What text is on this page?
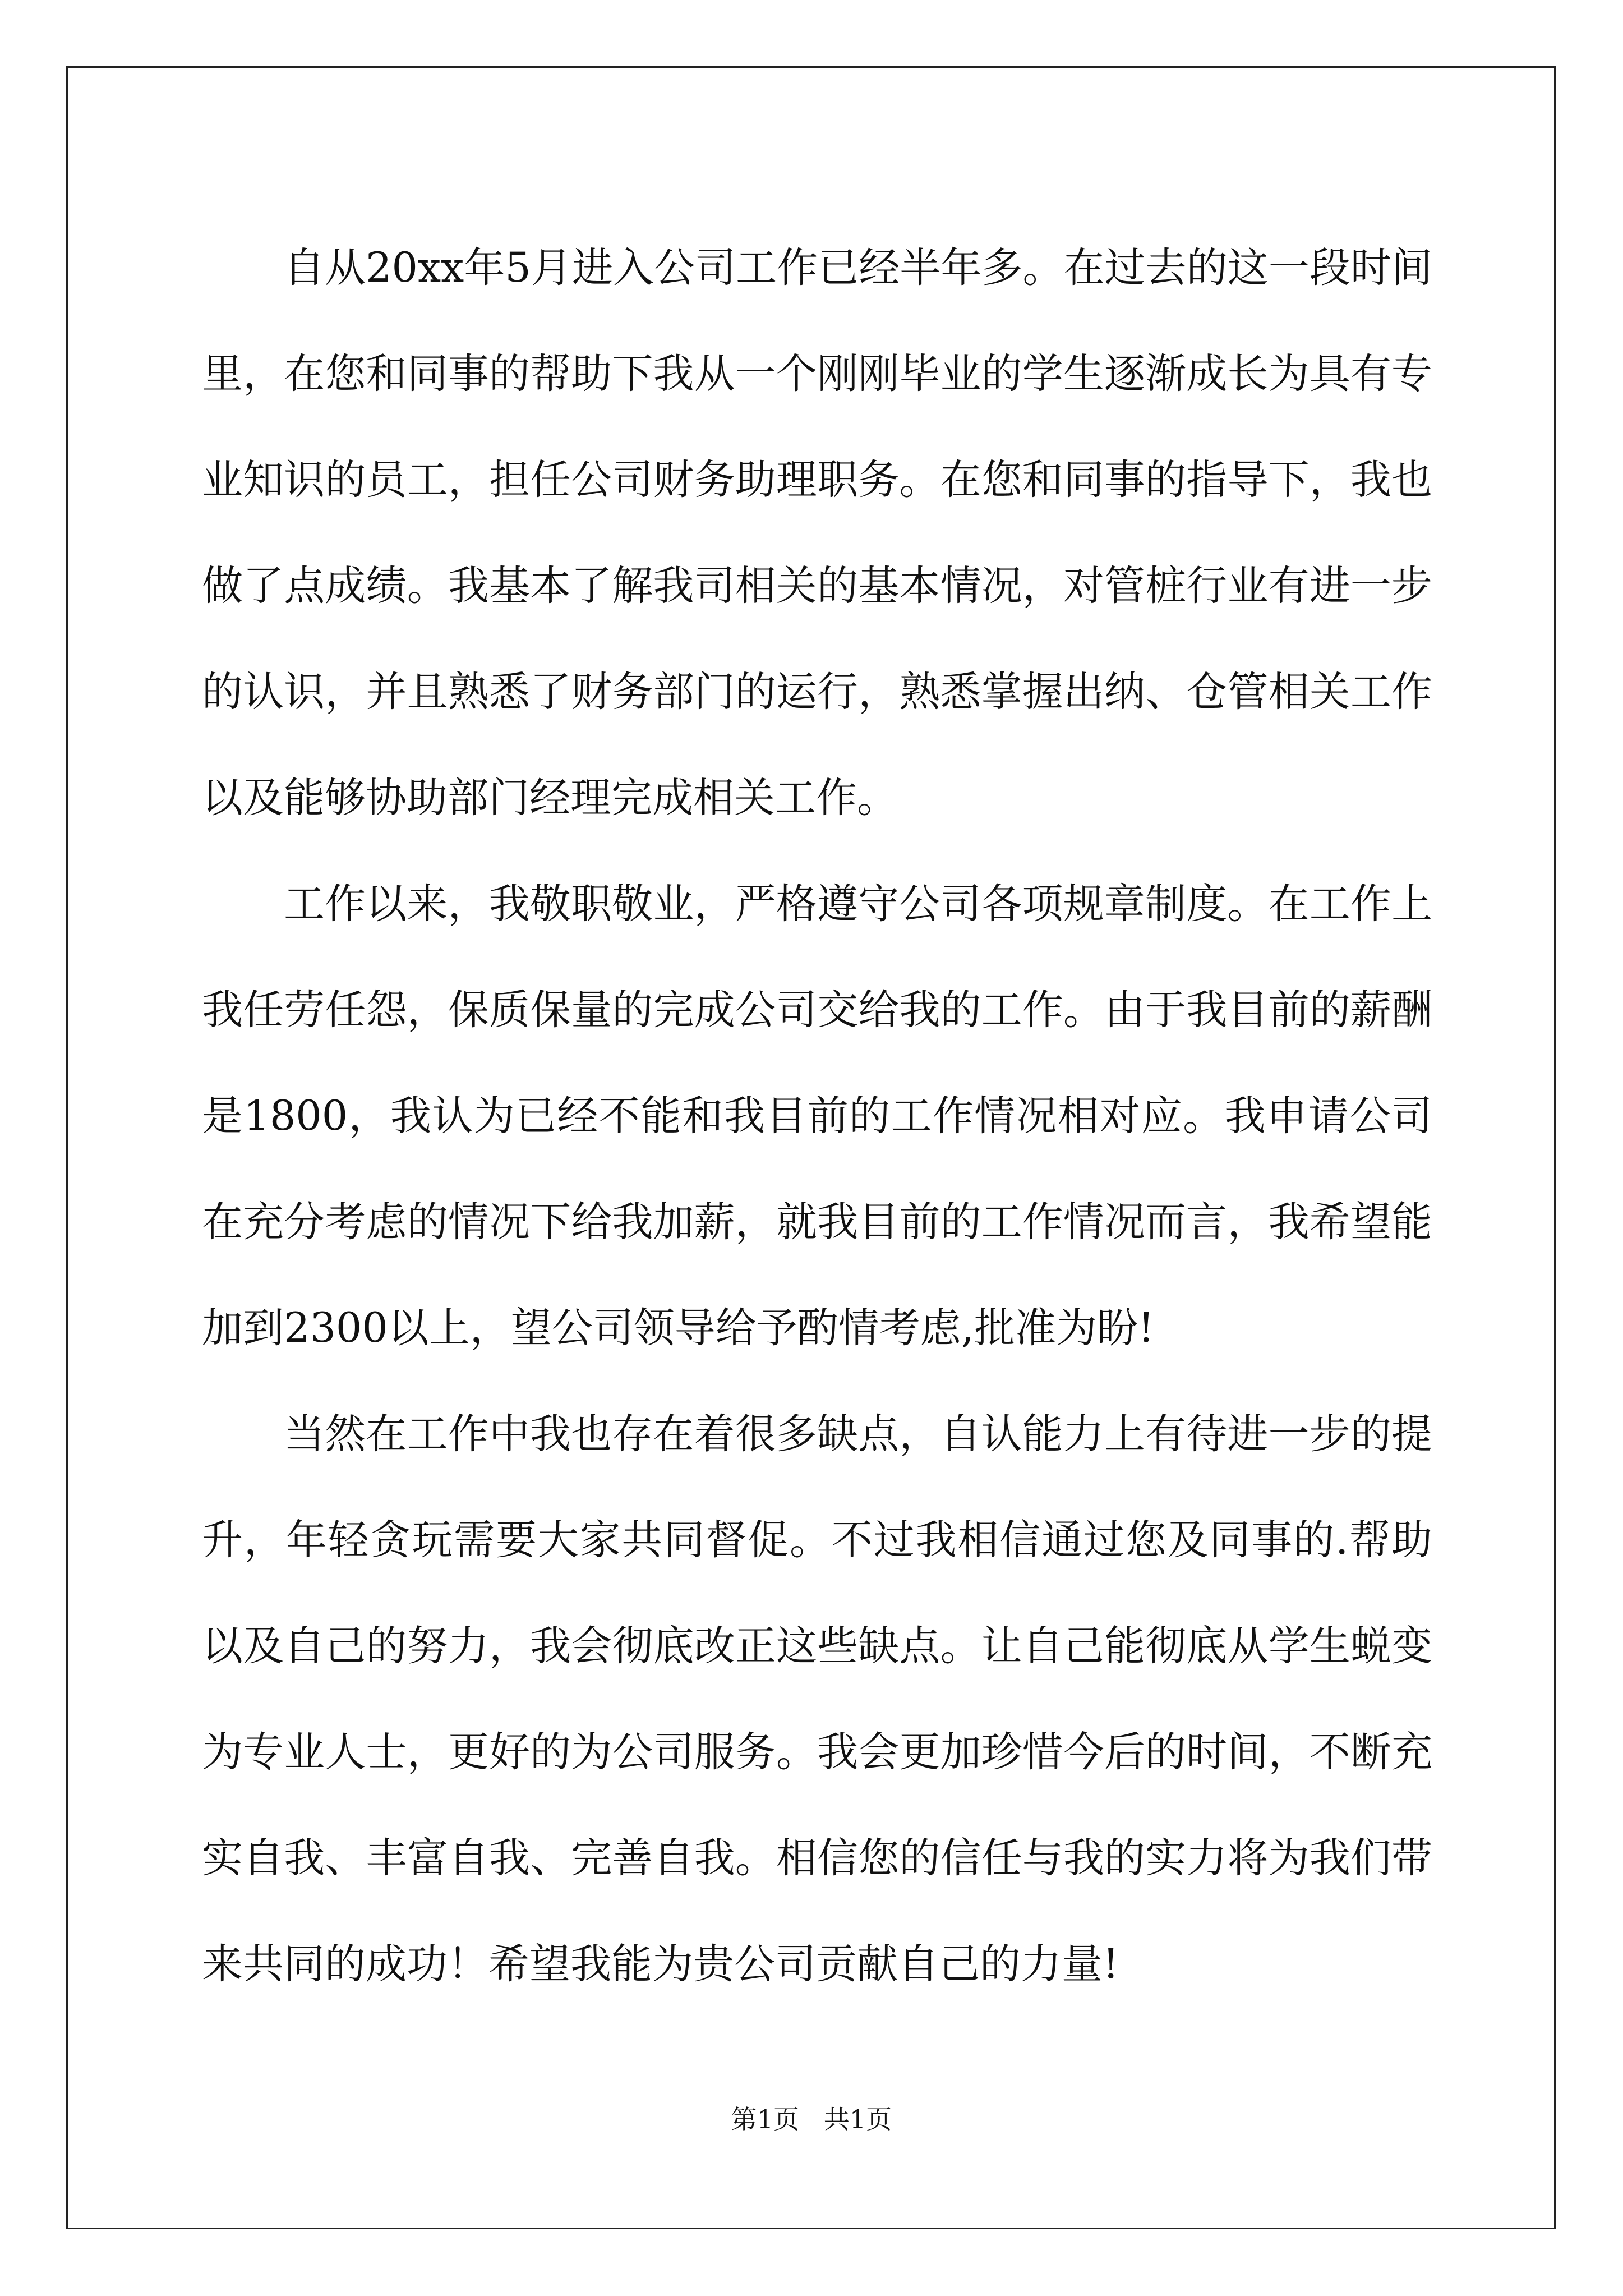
自从20xx年5月进入公司工作已经半年多。在过去的这一段时间里，在您和同事的帮助下我从一个刚刚毕业的学生逐渐成长为具有专业知识的员工，担任公司财务助理职务。在您和同事的指导下，我也做了点成绩。我基本了解我司相关的基本情况，对管桩行业有进一步的认识，并且熟悉了财务部门的运行，熟悉掌握出纳、仓管相关工作以及能够协助部门经理完成相关工作。

工作以来，我敬职敬业，严格遵守公司各项规章制度。在工作上我任劳任怨，保质保量的完成公司交给我的工作。由于我目前的薪酬是1800，我认为已经不能和我目前的工作情况相对应。我申请公司在充分考虑的情况下给我加薪，就我目前的工作情况而言，我希望能加到2300以上，望公司领导给予酌情考虑,批准为盼!

当然在工作中我也存在着很多缺点，自认能力上有待进一步的提升，年轻贪玩需要大家共同督促。不过我相信通过您及同事的.帮助以及自己的努力，我会彻底改正这些缺点。让自己能彻底从学生蜕变为专业人士，更好的为公司服务。我会更加珍惜今后的时间，不断充实自我、丰富自我、完善自我。相信您的信任与我的实力将为我们带来共同的成功！希望我能为贵公司贡献自己的力量!

第1页   共1页
